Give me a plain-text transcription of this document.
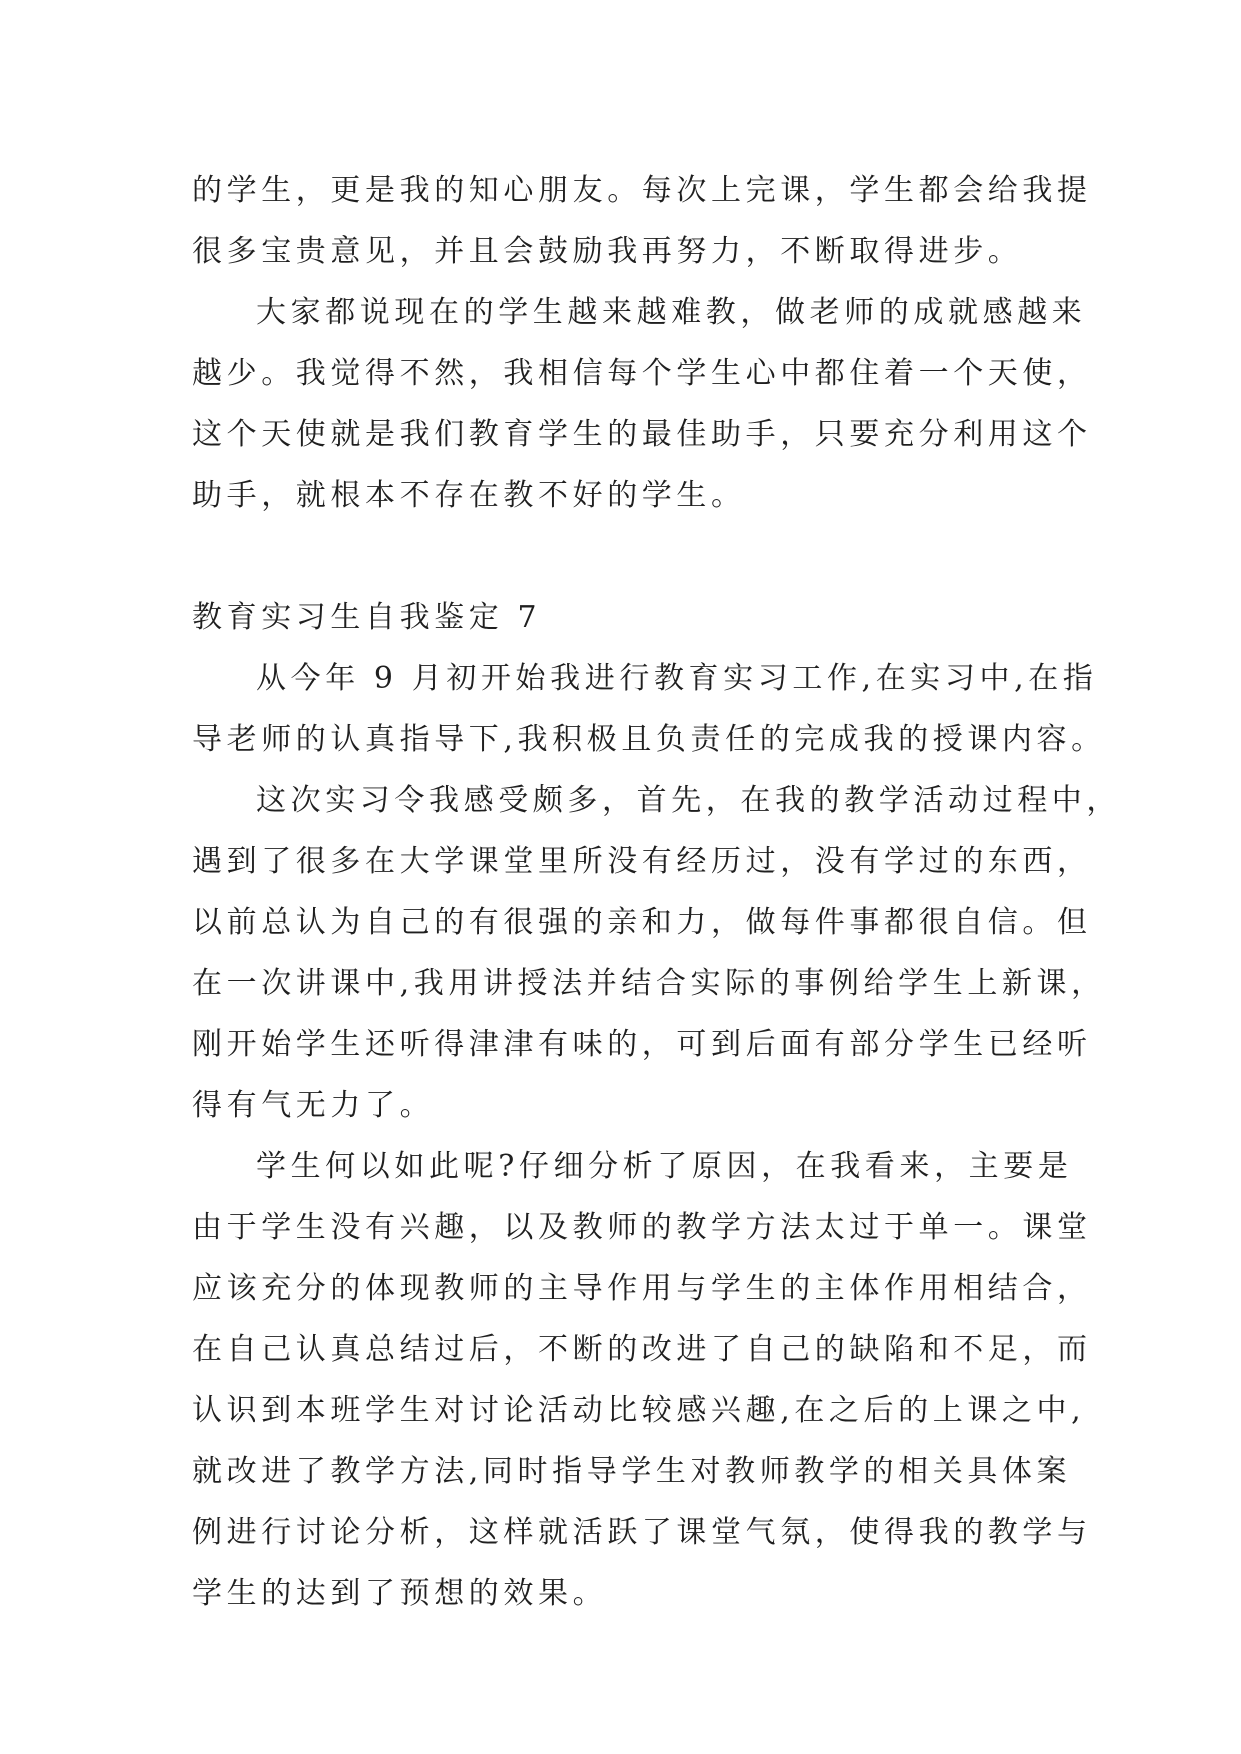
的学生，更是我的知心朋友。每次上完课，学生都会给我提
很多宝贵意见，并且会鼓励我再努力，不断取得进步。
大家都说现在的学生越来越难教，做老师的成就感越来
越少。我觉得不然，我相信每个学生心中都住着一个天使，
这个天使就是我们教育学生的最佳助手，只要充分利用这个
助手，就根本不存在教不好的学生。
教育实习生自我鉴定 7
从今年 9 月初开始我进行教育实习工作,在实习中,在指
导老师的认真指导下,我积极且负责任的完成我的授课内容。
这次实习令我感受颇多，首先，在我的教学活动过程中，
遇到了很多在大学课堂里所没有经历过，没有学过的东西，
以前总认为自己的有很强的亲和力，做每件事都很自信。但
在一次讲课中,我用讲授法并结合实际的事例给学生上新课，
刚开始学生还听得津津有味的，可到后面有部分学生已经听
得有气无力了。
学生何以如此呢?仔细分析了原因，在我看来，主要是
由于学生没有兴趣，以及教师的教学方法太过于单一。课堂
应该充分的体现教师的主导作用与学生的主体作用相结合，
在自己认真总结过后，不断的改进了自己的缺陷和不足，而
认识到本班学生对讨论活动比较感兴趣,在之后的上课之中,
就改进了教学方法,同时指导学生对教师教学的相关具体案
例进行讨论分析，这样就活跃了课堂气氛，使得我的教学与
学生的达到了预想的效果。
